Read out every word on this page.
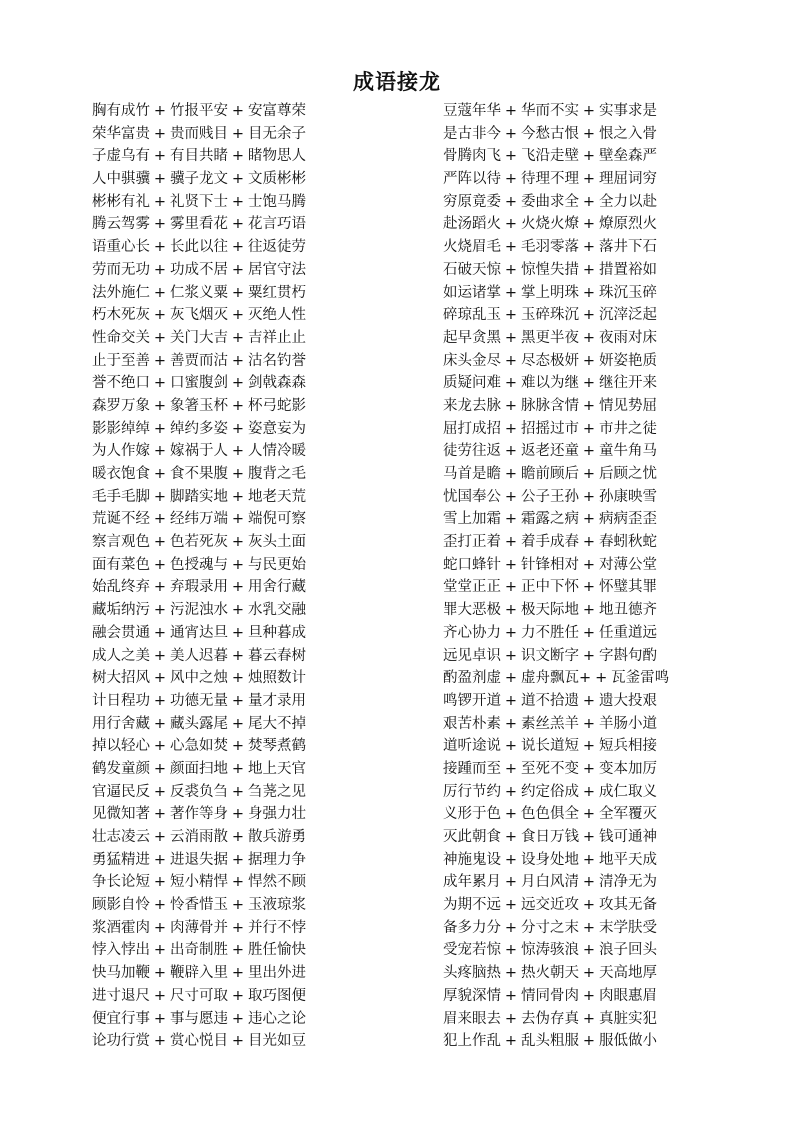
成语接龙
胸有成竹 + 竹报平安 + 安富尊荣
荣华富贵 + 贵而贱目 + 目无余子
子虚乌有 + 有目共睹 + 睹物思人
人中骐骥 + 骥子龙文 + 文质彬彬
彬彬有礼 + 礼贤下士 + 士饱马腾
腾云驾雾 + 雾里看花 + 花言巧语
语重心长 + 长此以往 + 往返徒劳
劳而无功 + 功成不居 + 居官守法
法外施仁 + 仁浆义粟 + 粟红贯朽
朽木死灰 + 灰飞烟灭 + 灭绝人性
性命交关 + 关门大吉 + 吉祥止止
止于至善 + 善贾而沽 + 沽名钓誉
誉不绝口 + 口蜜腹剑 + 剑戟森森
森罗万象 + 象箸玉杯 + 杯弓蛇影
影影绰绰 + 绰约多姿 + 姿意妄为
为人作嫁 + 嫁祸于人 + 人情冷暖
暖衣饱食 + 食不果腹 + 腹背之毛
毛手毛脚 + 脚踏实地 + 地老天荒
荒诞不经 + 经纬万端 + 端倪可察
察言观色 + 色若死灰 + 灰头土面
面有菜色 + 色授魂与 + 与民更始
始乱终弃 + 弃瑕录用 + 用舍行藏
藏垢纳污 + 污泥浊水 + 水乳交融
融会贯通 + 通宵达旦 + 旦种暮成
成人之美 + 美人迟暮 + 暮云春树
树大招风 + 风中之烛 + 烛照数计
计日程功 + 功德无量 + 量才录用
用行舍藏 + 藏头露尾 + 尾大不掉
掉以轻心 + 心急如焚 + 焚琴煮鹤
鹤发童颜 + 颜面扫地 + 地上天官
官逼民反 + 反裘负刍 + 刍荛之见
见微知著 + 著作等身 + 身强力壮
壮志凌云 + 云消雨散 + 散兵游勇
勇猛精进 + 进退失据 + 据理力争
争长论短 + 短小精悍 + 悍然不顾
顾影自怜 + 怜香惜玉 + 玉液琼浆
浆酒霍肉 + 肉薄骨并 + 并行不悖
悖入悖出 + 出奇制胜 + 胜任愉快
快马加鞭 + 鞭辟入里 + 里出外进
进寸退尺 + 尺寸可取 + 取巧图便
便宜行事 + 事与愿违 + 违心之论
论功行赏 + 赏心悦目 + 目光如豆
豆蔻年华 + 华而不实 + 实事求是
是古非今 + 今愁古恨 + 恨之入骨
骨腾肉飞 + 飞沿走壁 + 壁垒森严
严阵以待 + 待理不理 + 理屈词穷
穷原竟委 + 委曲求全 + 全力以赴
赴汤蹈火 + 火烧火燎 + 燎原烈火
火烧眉毛 + 毛羽零落 + 落井下石
石破天惊 + 惊惶失措 + 措置裕如
如运诸掌 + 掌上明珠 + 珠沉玉碎
碎琼乱玉 + 玉碎珠沉 + 沉滓泛起
起早贪黑 + 黑更半夜 + 夜雨对床
床头金尽 + 尽态极妍 + 妍姿艳质
质疑问难 + 难以为继 + 继往开来
来龙去脉 + 脉脉含情 + 情见势屈
屈打成招 + 招摇过市 + 市井之徒
徒劳往返 + 返老还童 + 童牛角马
马首是瞻 + 瞻前顾后 + 后顾之忧
忧国奉公 + 公子王孙 + 孙康映雪
雪上加霜 + 霜露之病 + 病病歪歪
歪打正着 + 着手成春 + 春蚓秋蛇
蛇口蜂针 + 针锋相对 + 对薄公堂
堂堂正正 + 正中下怀 + 怀璧其罪
罪大恶极 + 极天际地 + 地丑德齐
齐心协力 + 力不胜任 + 任重道远
远见卓识 + 识文断字 + 字斟句酌
酌盈剂虚 + 虚舟飘瓦+ + 瓦釜雷鸣
鸣锣开道 + 道不拾遗 + 遗大投艰
艰苦朴素 + 素丝羔羊 + 羊肠小道
道听途说 + 说长道短 + 短兵相接
接踵而至 + 至死不变 + 变本加厉
厉行节约 + 约定俗成 + 成仁取义
义形于色 + 色色俱全 + 全军覆灭
灭此朝食 + 食日万钱 + 钱可通神
神施鬼设 + 设身处地 + 地平天成
成年累月 + 月白风清 + 清净无为
为期不远 + 远交近攻 + 攻其无备
备多力分 + 分寸之末 + 末学肤受
受宠若惊 + 惊涛骇浪 + 浪子回头
头疼脑热 + 热火朝天 + 天高地厚
厚貌深情 + 情同骨肉 + 肉眼惠眉
眉来眼去 + 去伪存真 + 真脏实犯
犯上作乱 + 乱头粗服 + 服低做小
